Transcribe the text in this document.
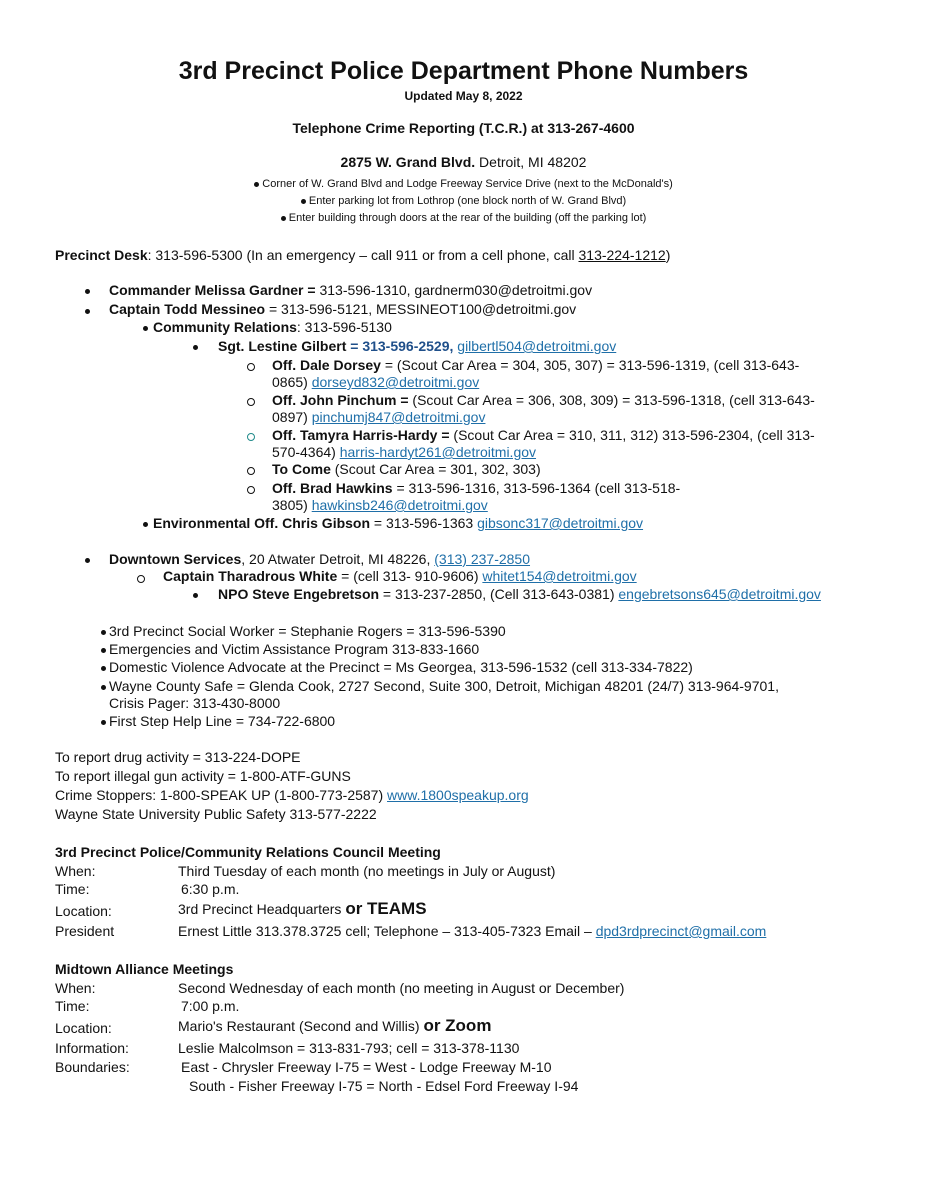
3rd Precinct Police Department Phone Numbers
Updated May 8, 2022
Telephone Crime Reporting (T.C.R.) at 313-267-4600
2875 W. Grand Blvd. Detroit, MI 48202
Corner of W. Grand Blvd and Lodge Freeway Service Drive (next to the McDonald's)
Enter parking lot from Lothrop (one block north of W. Grand Blvd)
Enter building through doors at the rear of the building (off the parking lot)
Precinct Desk: 313-596-5300 (In an emergency – call 911 or from a cell phone, call 313-224-1212)
Commander Melissa Gardner = 313-596-1310, gardnerm030@detroitmi.gov
Captain Todd Messineo = 313-596-5121, MESSINEOT100@detroitmi.gov
Community Relations: 313-596-5130
Sgt. Lestine Gilbert = 313-596-2529, gilbertl504@detroitmi.gov
Off. Dale Dorsey = (Scout Car Area = 304, 305, 307) = 313-596-1319, (cell 313-643-
0865) dorseyd832@detroitmi.gov
Off. John Pinchum = (Scout Car Area = 306, 308, 309) = 313-596-1318, (cell 313-643-
0897) pinchumj847@detroitmi.gov
Off. Tamyra Harris-Hardy = (Scout Car Area = 310, 311, 312) 313-596-2304, (cell 313-
570-4364) harris-hardyt261@detroitmi.gov
To Come (Scout Car Area = 301, 302, 303)
Off. Brad Hawkins = 313-596-1316, 313-596-1364 (cell 313-518-
3805) hawkinsb246@detroitmi.gov
Environmental Off. Chris Gibson = 313-596-1363 gibsonc317@detroitmi.gov
Downtown Services, 20 Atwater Detroit, MI 48226, (313) 237-2850
Captain Tharadrous White = (cell 313- 910-9606) whitet154@detroitmi.gov
NPO Steve Engebretson = 313-237-2850, (Cell 313-643-0381) engebretsons645@detroitmi.gov
3rd Precinct Social Worker = Stephanie Rogers = 313-596-5390
Emergencies and Victim Assistance Program 313-833-1660
Domestic Violence Advocate at the Precinct = Ms Georgea, 313-596-1532 (cell 313-334-7822)
Wayne County Safe = Glenda Cook, 2727 Second, Suite 300, Detroit, Michigan 48201 (24/7) 313-964-9701,
Crisis Pager: 313-430-8000
First Step Help Line = 734-722-6800
To report drug activity = 313-224-DOPE
To report illegal gun activity = 1-800-ATF-GUNS
Crime Stoppers: 1-800-SPEAK UP (1-800-773-2587) www.1800speakup.org
Wayne State University Public Safety 313-577-2222
3rd Precinct Police/Community Relations Council Meeting
When:	Third Tuesday of each month (no meetings in July or August)
Time:	6:30 p.m.
Location:	3rd Precinct Headquarters or TEAMS
President	Ernest Little 313.378.3725 cell; Telephone – 313-405-7323 Email – dpd3rdprecinct@gmail.com
Midtown Alliance Meetings
When:	Second Wednesday of each month (no meeting in August or December)
Time:	7:00 p.m.
Location:	Mario's Restaurant (Second and Willis) or Zoom
Information:	Leslie Malcolmson = 313-831-793; cell = 313-378-1130
Boundaries:	East - Chrysler Freeway I-75 = West - Lodge Freeway M-10
South - Fisher Freeway I-75 = North - Edsel Ford Freeway I-94
